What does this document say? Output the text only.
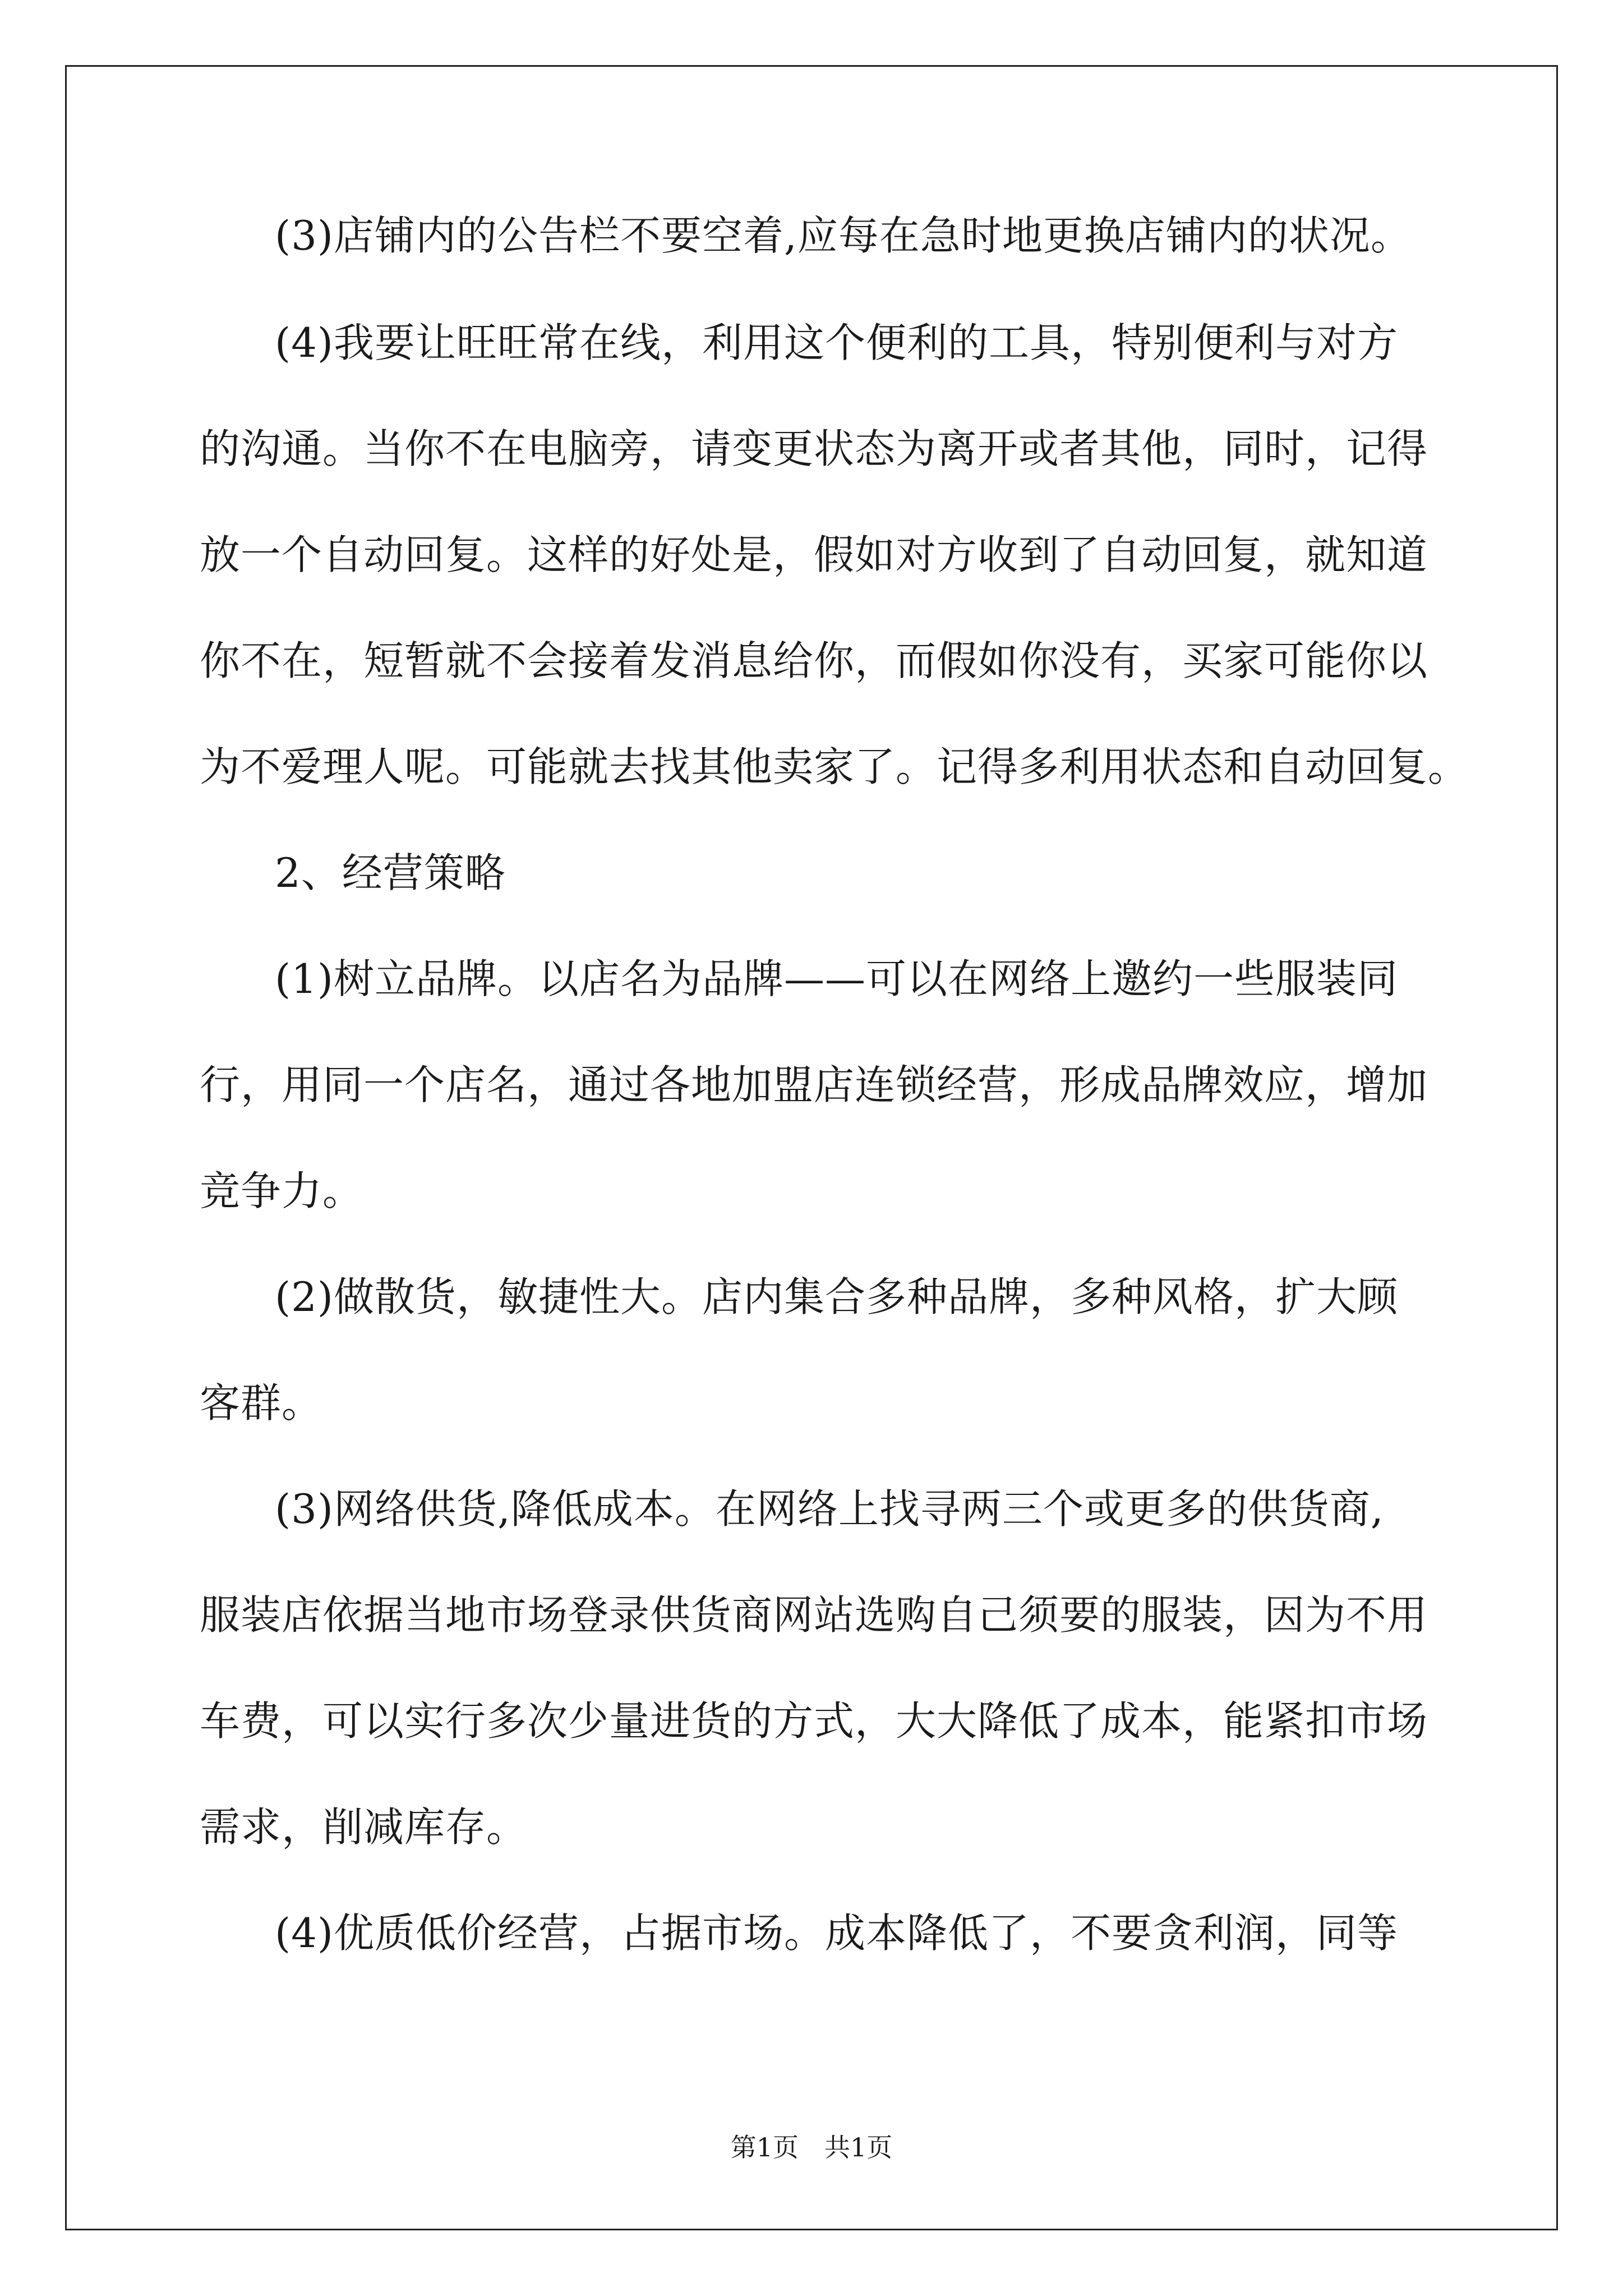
(3)店铺内的公告栏不要空着,应每在急时地更换店铺内的状况。
(4)我要让旺旺常在线，利用这个便利的工具，特别便利与对方
的沟通。当你不在电脑旁，请变更状态为离开或者其他，同时，记得
放一个自动回复。这样的好处是，假如对方收到了自动回复，就知道
你不在，短暂就不会接着发消息给你，而假如你没有，买家可能你以
为不爱理人呢。可能就去找其他卖家了。记得多利用状态和自动回复。
2、经营策略
(1)树立品牌。以店名为品牌——可以在网络上邀约一些服装同
行，用同一个店名，通过各地加盟店连锁经营，形成品牌效应，增加
竞争力。
(2)做散货，敏捷性大。店内集合多种品牌，多种风格，扩大顾
客群。
(3)网络供货,降低成本。在网络上找寻两三个或更多的供货商,
服装店依据当地市场登录供货商网站选购自己须要的服装，因为不用
车费，可以实行多次少量进货的方式，大大降低了成本，能紧扣市场
需求，削减库存。
(4)优质低价经营，占据市场。成本降低了，不要贪利润，同等
第1页　共1页
